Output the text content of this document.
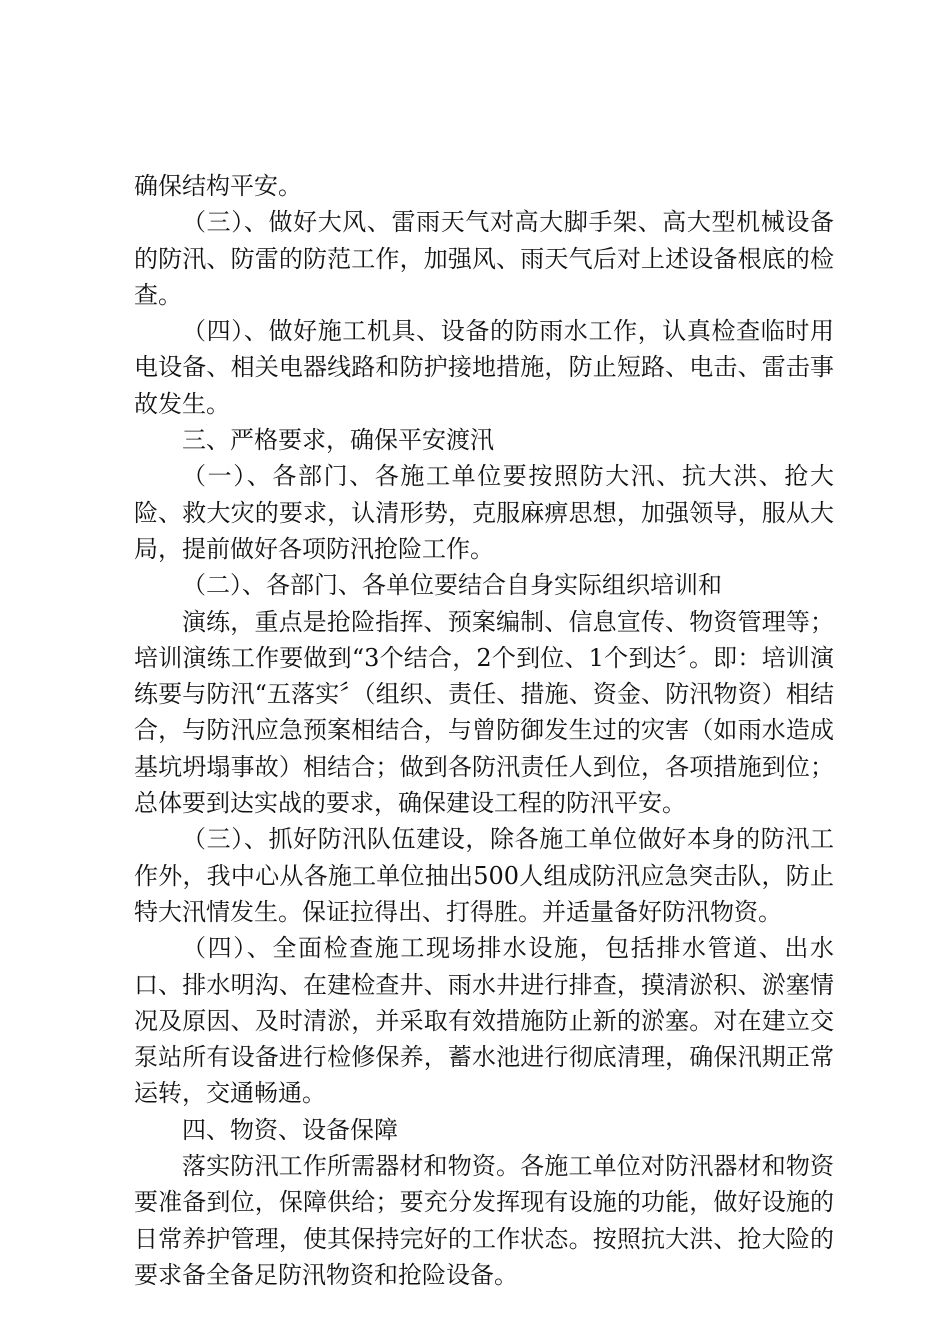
确保结构平安。

（三）、做好大风、雷雨天气对高大脚手架、高大型机械设备的防汛、防雷的防范工作，加强风、雨天气后对上述设备根底的检查。

（四）、做好施工机具、设备的防雨水工作，认真检查临时用电设备、相关电器线路和防护接地措施，防止短路、电击、雷击事故发生。

三、严格要求，确保平安渡汛

（一）、各部门、各施工单位要按照防大汛、抗大洪、抢大险、救大灾的要求，认清形势，克服麻痹思想，加强领导，服从大局，提前做好各项防汛抢险工作。

（二）、各部门、各单位要结合自身实际组织培训和

演练，重点是抢险指挥、预案编制、信息宣传、物资管理等；培训演练工作要做到“3个结合，2个到位、1个到达〞。即：培训演练要与防汛“五落实〞（组织、责任、措施、资金、防汛物资）相结合，与防汛应急预案相结合，与曾防御发生过的灾害（如雨水造成基坑坍塌事故）相结合；做到各防汛责任人到位，各项措施到位；总体要到达实战的要求，确保建设工程的防汛平安。

（三）、抓好防汛队伍建设，除各施工单位做好本身的防汛工作外，我中心从各施工单位抽出500人组成防汛应急突击队，防止特大汛情发生。保证拉得出、打得胜。并适量备好防汛物资。

（四）、全面检查施工现场排水设施，包括排水管道、出水口、排水明沟、在建检查井、雨水井进行排查，摸清淤积、淤塞情况及原因、及时清淤，并采取有效措施防止新的淤塞。对在建立交泵站所有设备进行检修保养，蓄水池进行彻底清理，确保汛期正常运转，交通畅通。

四、物资、设备保障

落实防汛工作所需器材和物资。各施工单位对防汛器材和物资要准备到位，保障供给；要充分发挥现有设施的功能，做好设施的日常养护管理，使其保持完好的工作状态。按照抗大洪、抢大险的要求备全备足防汛物资和抢险设备。
